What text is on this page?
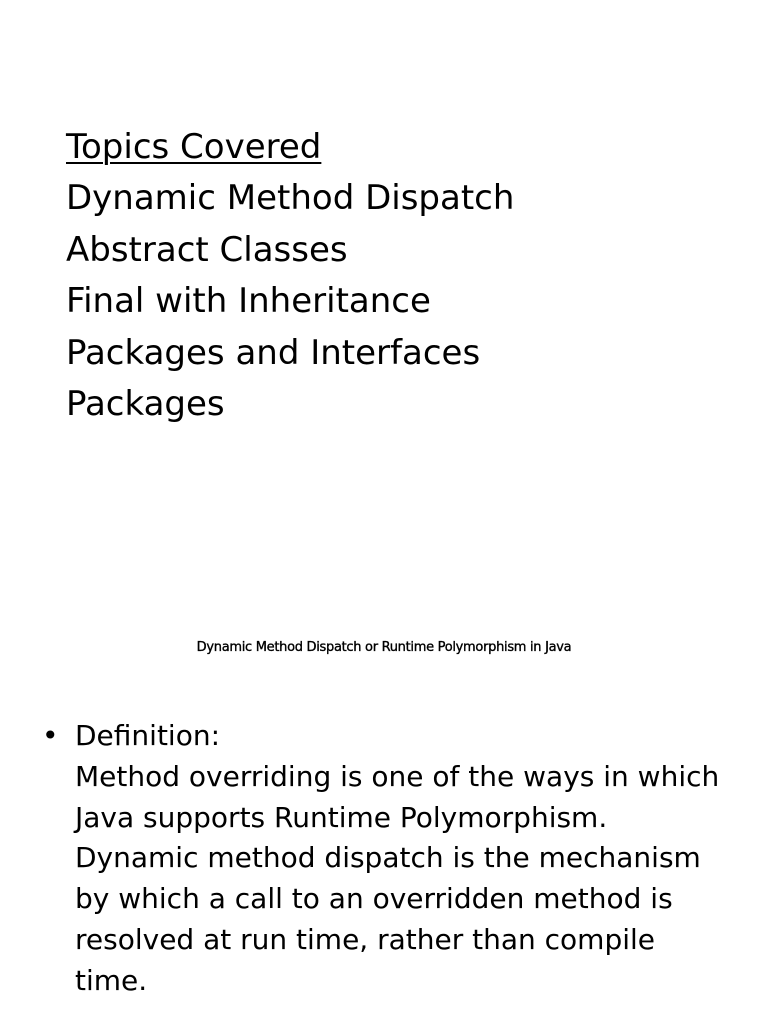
Topics Covered
Dynamic Method Dispatch
Abstract Classes
Final with Inheritance
Packages and Interfaces
Packages
Dynamic Method Dispatch or Runtime Polymorphism in Java
• Definition:
Method overriding is one of the ways in which
Java supports Runtime Polymorphism.
Dynamic method dispatch is the mechanism
by which a call to an overridden method is
resolved at run time, rather than compile
time.
